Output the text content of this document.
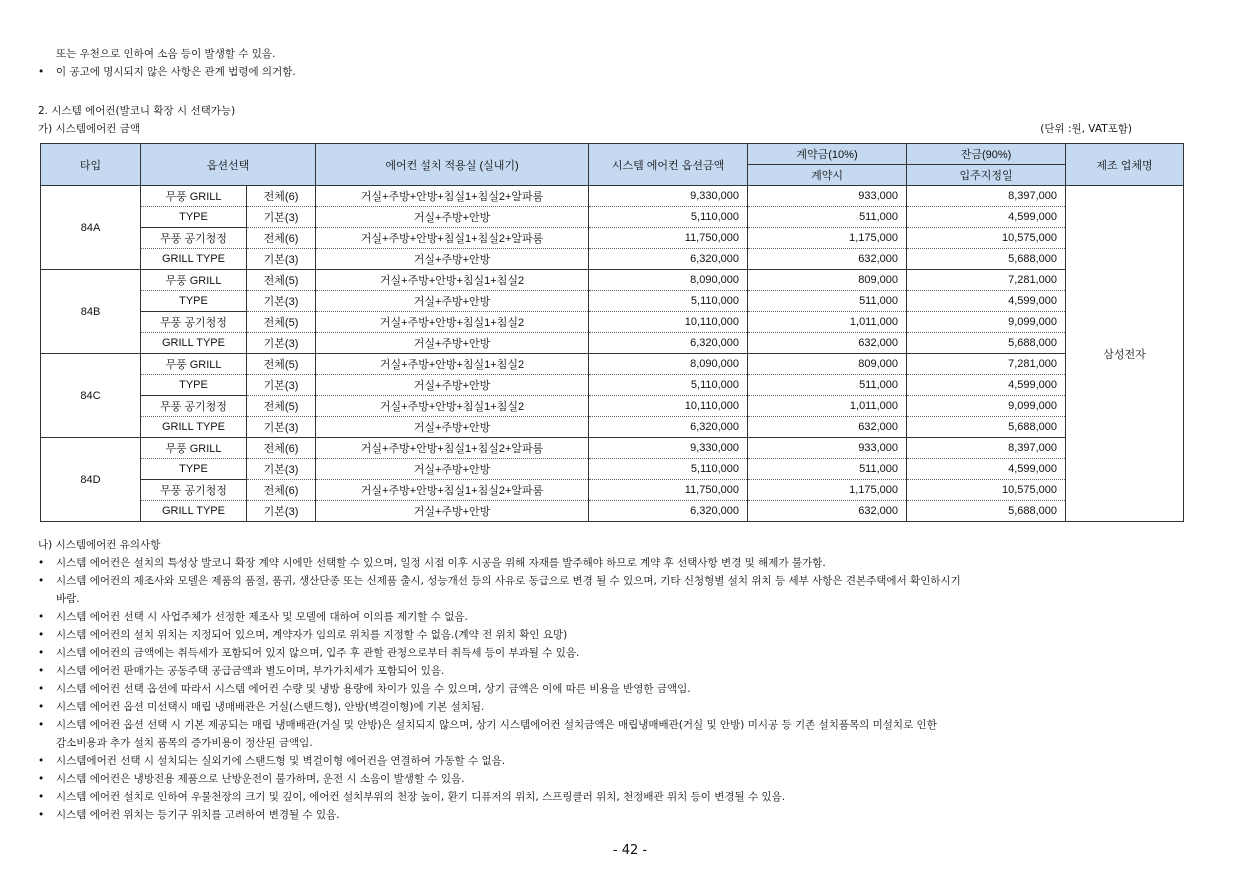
또는 우천으로 인하여 소음 등이 발생할 수 있음.
• 이 공고에 명시되지 않은 사항은 관계 법령에 의거함.
2. 시스템 에어컨(발코니 확장 시 선택가능)
가) 시스템에어컨 금액	(단위 :원, VAT포함)
타입	옵션선택		에어컨 설치 적용실 (실내기)	시스템 에어컨 옵션금액	계약금(10%)	잔금(90%)	제조 업체명
					계약시	입주지정일	
84A	무풍 GRILL	전체(6)	거실+주방+안방+침실1+침실2+알파룸	9,330,000	933,000	8,397,000	삼성전자
	TYPE	기본(3)	거실+주방+안방	5,110,000	511,000	4,599,000	
	무풍 공기청정	전체(6)	거실+주방+안방+침실1+침실2+알파룸	11,750,000	1,175,000	10,575,000	
	GRILL TYPE	기본(3)	거실+주방+안방	6,320,000	632,000	5,688,000	
84B	무풍 GRILL	전체(5)	거실+주방+안방+침실1+침실2	8,090,000	809,000	7,281,000	
	TYPE	기본(3)	거실+주방+안방	5,110,000	511,000	4,599,000	
	무풍 공기청정	전체(5)	거실+주방+안방+침실1+침실2	10,110,000	1,011,000	9,099,000	
	GRILL TYPE	기본(3)	거실+주방+안방	6,320,000	632,000	5,688,000	
84C	무풍 GRILL	전체(5)	거실+주방+안방+침실1+침실2	8,090,000	809,000	7,281,000	
	TYPE	기본(3)	거실+주방+안방	5,110,000	511,000	4,599,000	
	무풍 공기청정	전체(5)	거실+주방+안방+침실1+침실2	10,110,000	1,011,000	9,099,000	
	GRILL TYPE	기본(3)	거실+주방+안방	6,320,000	632,000	5,688,000	
84D	무풍 GRILL	전체(6)	거실+주방+안방+침실1+침실2+알파룸	9,330,000	933,000	8,397,000	
	TYPE	기본(3)	거실+주방+안방	5,110,000	511,000	4,599,000	
	무풍 공기청정	전체(6)	거실+주방+안방+침실1+침실2+알파룸	11,750,000	1,175,000	10,575,000	
	GRILL TYPE	기본(3)	거실+주방+안방	6,320,000	632,000	5,688,000	
나) 시스템에어컨 유의사항
• 시스템 에어컨은 설치의 특성상 발코니 확장 계약 시에만 선택할 수 있으며, 일정 시점 이후 시공을 위해 자재를 발주해야 하므로 계약 후 선택사항 변경 및 해제가 불가함.
• 시스템 에어컨의 제조사와 모델은 제품의 품절, 품귀, 생산단종 또는 신제품 출시, 성능개선 등의 사유로 동급으로 변경 될 수 있으며, 기타 신청형별 설치 위치 등 세부 사항은 견본주택에서 확인하시기
바람.
• 시스템 에어컨 선택 시 사업주체가 선정한 제조사 및 모델에 대하여 이의를 제기할 수 없음.
• 시스템 에어컨의 설치 위치는 지정되어 있으며, 계약자가 임의로 위치를 지정할 수 없음.(계약 전 위치 확인 요망)
• 시스템 에어컨의 금액에는 취득세가 포함되어 있지 않으며, 입주 후 관할 관청으로부터 취득세 등이 부과될 수 있음.
• 시스템 에어컨 판매가는 공동주택 공급금액과 별도이며, 부가가치세가 포함되어 있음.
• 시스템 에어컨 선택 옵션에 따라서 시스템 에어컨 수량 및 냉방 용량에 차이가 있을 수 있으며, 상기 금액은 이에 따른 비용을 반영한 금액임.
• 시스템 에어컨 옵션 미선택시 매립 냉매배관은 거실(스탠드형), 안방(벽걸이형)에 기본 설치됨.
• 시스템 에어컨 옵션 선택 시 기본 제공되는 매립 냉매배관(거실 및 안방)은 설치되지 않으며, 상기 시스템에어컨 설치금액은 매립냉매배관(거실 및 안방) 미시공 등 기존 설치품목의 미설치로 인한
감소비용과 추가 설치 품목의 증가비용이 정산된 금액임.
• 시스템에어컨 선택 시 설치되는 실외기에 스탠드형 및 벽걸이형 에어컨을 연결하여 가동할 수 없음.
• 시스템 에어컨은 냉방전용 제품으로 난방운전이 불가하며, 운전 시 소음이 발생할 수 있음.
• 시스템 에어컨 설치로 인하여 우물천장의 크기 및 깊이, 에어컨 설치부위의 천장 높이, 환기 디퓨저의 위치, 스프링클러 위치, 천정배관 위치 등이 변경될 수 있음.
• 시스템 에어컨 위치는 등기구 위치를 고려하여 변경될 수 있음.
- 42 -
